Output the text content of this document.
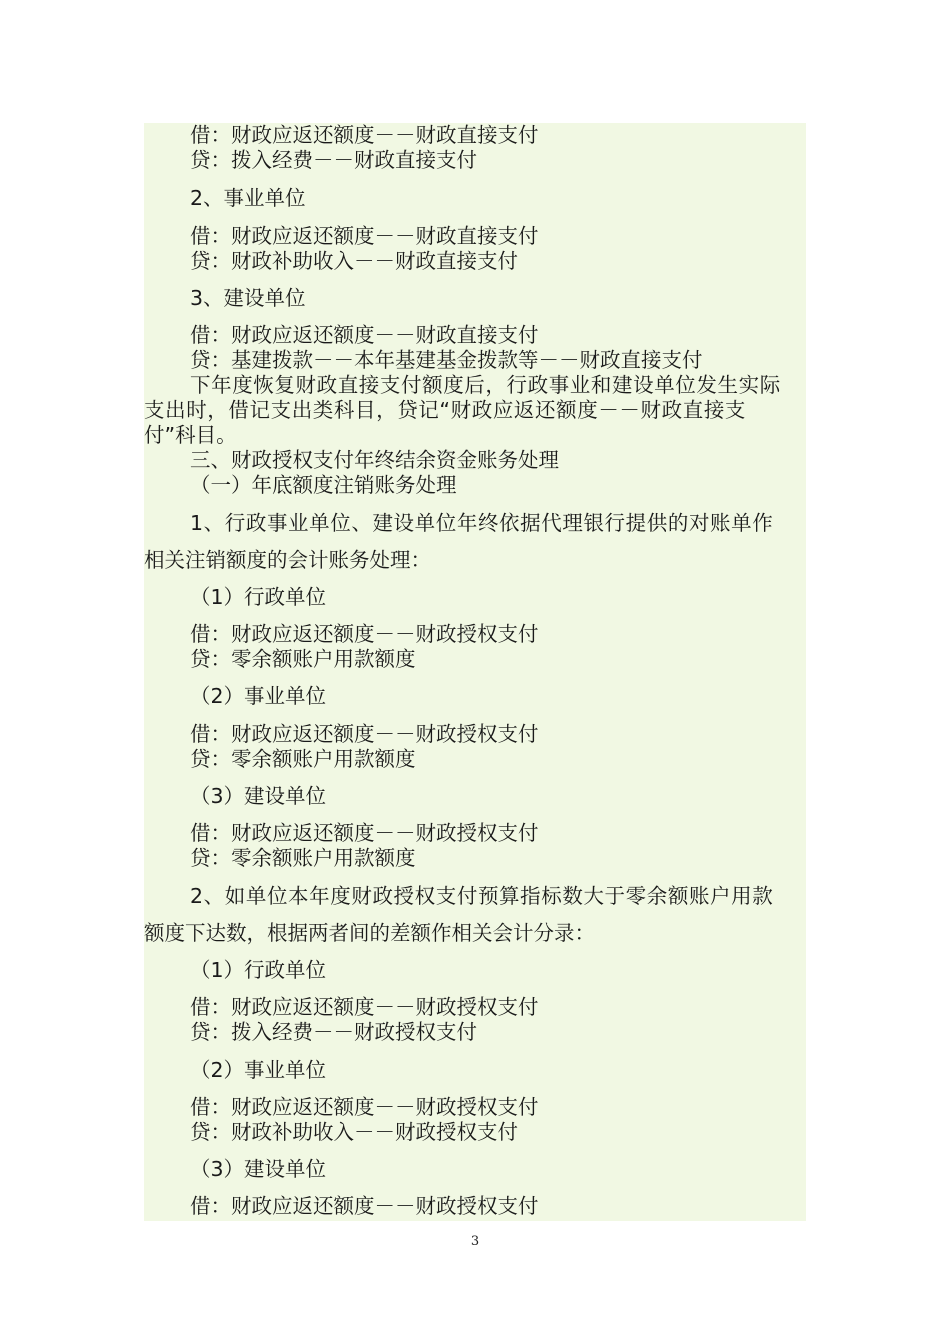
借：财政应返还额度－－财政直接支付
贷：拨入经费－－财政直接支付
2、事业单位
借：财政应返还额度－－财政直接支付
贷：财政补助收入－－财政直接支付
3、建设单位
借：财政应返还额度－－财政直接支付
贷：基建拨款－－本年基建基金拨款等－－财政直接支付
下年度恢复财政直接支付额度后，行政事业和建设单位发生实际
支出时，借记支出类科目，贷记“财政应返还额度－－财政直接支
付”科目。
三、财政授权支付年终结余资金账务处理
（一）年底额度注销账务处理
1、行政事业单位、建设单位年终依据代理银行提供的对账单作
相关注销额度的会计账务处理：
（1）行政单位
借：财政应返还额度－－财政授权支付
贷：零余额账户用款额度
（2）事业单位
借：财政应返还额度－－财政授权支付
贷：零余额账户用款额度
（3）建设单位
借：财政应返还额度－－财政授权支付
贷：零余额账户用款额度
2、如单位本年度财政授权支付预算指标数大于零余额账户用款
额度下达数，根据两者间的差额作相关会计分录：
（1）行政单位
借：财政应返还额度－－财政授权支付
贷：拨入经费－－财政授权支付
（2）事业单位
借：财政应返还额度－－财政授权支付
贷：财政补助收入－－财政授权支付
（3）建设单位
借：财政应返还额度－－财政授权支付
3
